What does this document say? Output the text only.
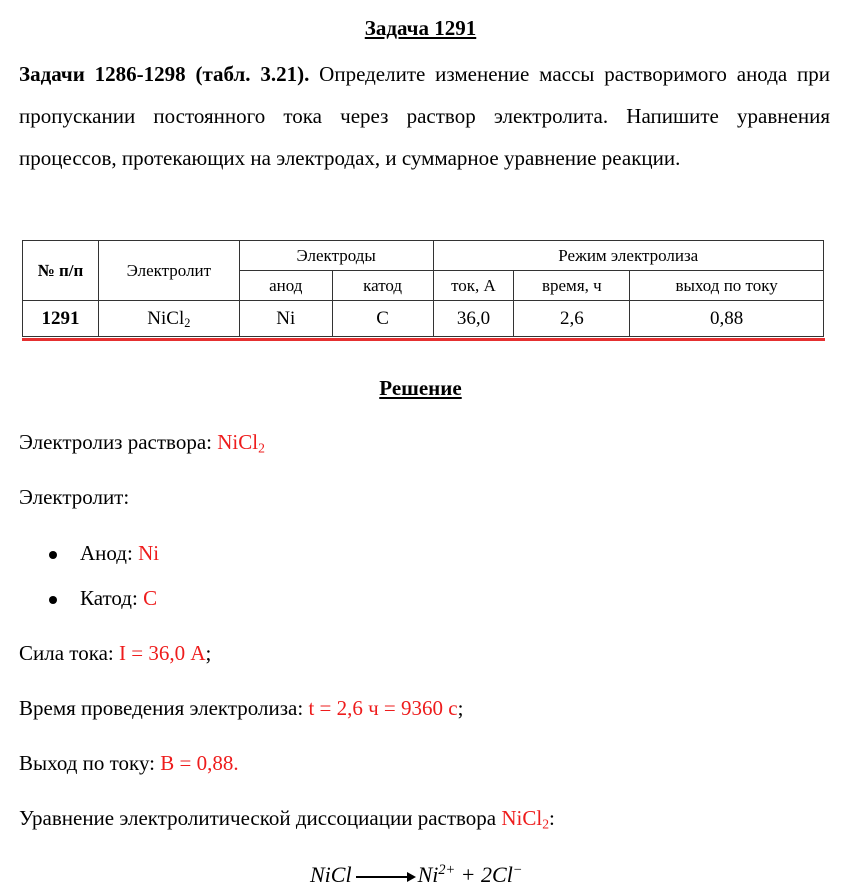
Задача 1291
Задачи 1286-1298 (табл. 3.21). Определите изменение массы растворимого анода при пропускании постоянного тока через раствор электролита. Напишите уравнения процессов, протекающих на электродах, и суммарное уравнение реакции.
№ п/п	Электролит	Электроды		Режим электролиза		
		анод	катод	ток, А	время, ч	выход по току
1291	NiCl$_2$	Ni	C	36,0	2,6	0,88
Решение
Электролиз раствора: NiCl$_2$
Электролит:
Анод: Ni
Катод: C
Сила тока: I = 36,0 А;
Время проведения электролиза: t = 2,6 ч = 9360 с;
Выход по току: В = 0,88.
Уравнение электролитической диссоциации раствора NiCl$_2$:
NiCl → $Ni^{2+} + 2Cl^-$
